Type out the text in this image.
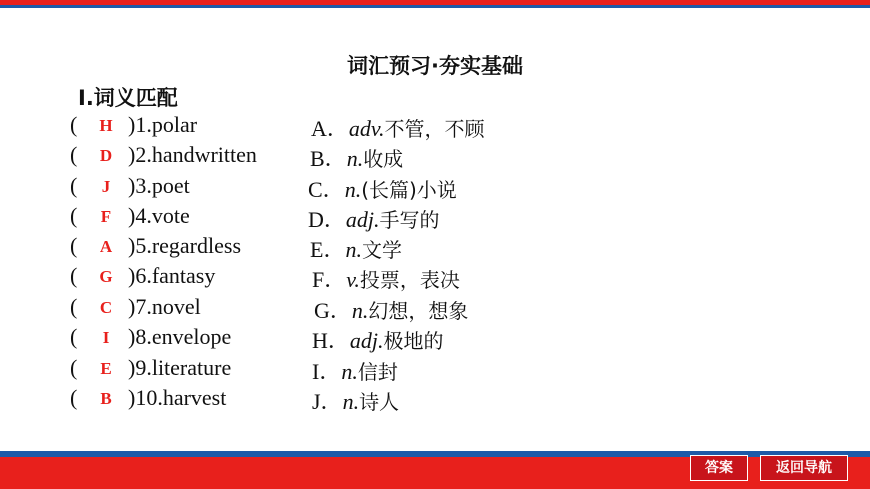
词汇预习·夯实基础
Ⅰ.词义匹配
(	H )1.polar	A．adv.不管，不顾
(	D )2.handwritten B．n.收成
(	J )3.poet	C．n.(长篇)小说
(	F )4.vote	D．adj.手写的
(	A )5.regardless	E．n.文学
(	G )6.fantasy	F．v.投票，表决
(	C )7.novel	G．n.幻想，想象
(	I )8.envelope	H．adj.极地的
(	E )9.literature	I．n.信封
(	B )10.harvest	J．n.诗人
答案	返回导航
